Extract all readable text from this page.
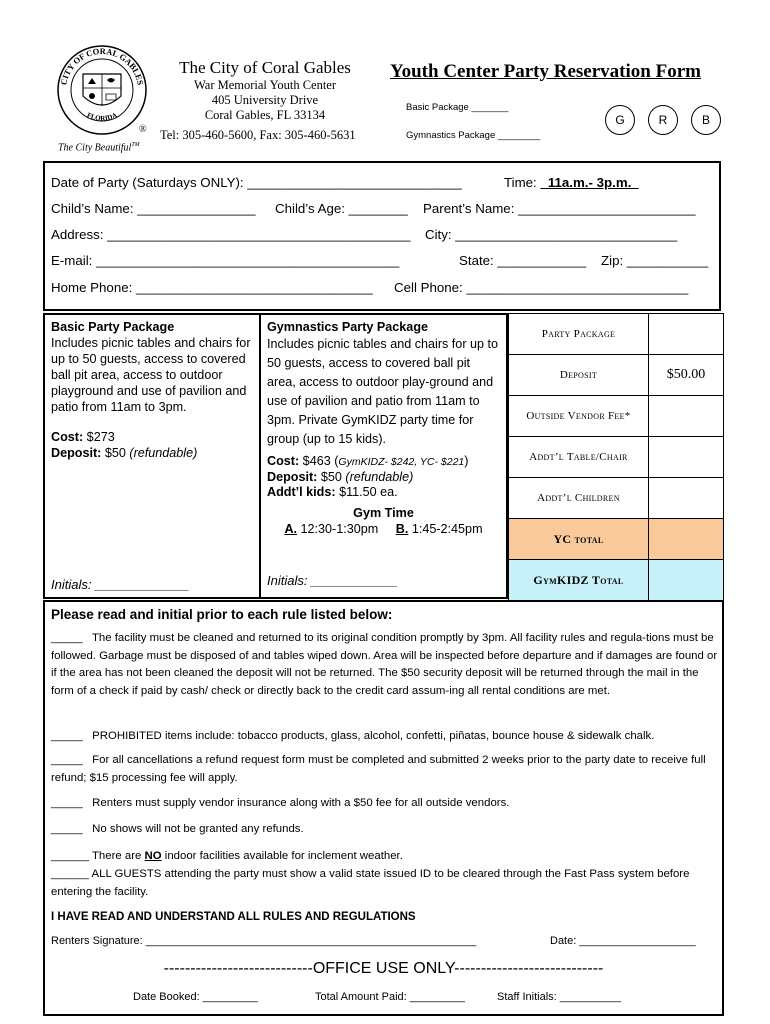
CITY OF CORAL GABLES
FLORIDA
®
The City Beautiful™
The City of Coral Gables
War Memorial Youth Center
405 University Drive
Coral Gables, FL 33134
Tel: 305-460-5600, Fax: 305-460-5631
Youth Center Party Reservation Form
Basic Package _______
Gymnastics Package ________
G	R	B
Date of Party (Saturdays ONLY): _____________________________	Time:   11a.m.- 3p.m.
Child’s Name: ________________ Child’s Age: ________ Parent’s Name: ________________________
Address: _________________________________________ City: ______________________________
E-mail: _________________________________________	State: ____________ Zip: ___________
Home Phone: ________________________________ Cell Phone: ______________________________
Basic Party Package
Includes picnic tables and chairs for up to 50 guests, access to covered ball pit area, access to outdoor playground and use of pavilion and patio from 11am to 3pm.
Cost: $273
Deposit: $50 (refundable)
Initials: _____________
Gymnastics Party Package
Includes picnic tables and chairs for up to 50 guests, access to covered ball pit area, access to outdoor play-ground and use of pavilion and patio from 11am to 3pm. Private GymKIDZ party time for group (up to 15 kids).
Cost: $463 (GymKIDZ- $242, YC- $221)
Deposit: $50 (refundable)
Addt’l kids: $11.50 ea.
Gym Time
A. 12:30-1:30pm B. 1:45-2:45pm
Initials: ____________
Party Package	
Deposit	$50.00
Outside Vendor Fee*	
Addt’l Table/Chair	
Addt’l Children	
YC total	
GymKIDZ Total	
Please read and initial prior to each rule listed below:
_____   The facility must be cleaned and returned to its original condition promptly by 3pm. All facility rules and regula-tions must be followed. Garbage must be disposed of and tables wiped down. Area will be inspected before departure and if damages are found or if the area has not been cleaned the deposit will not be returned. The $50 security deposit will be returned through the mail in the form of a check if paid by cash/ check or directly back to the credit card assum-ing all rental conditions are met.
_____   PROHIBITED items include: tobacco products, glass, alcohol, confetti, piñatas, bounce house & sidewalk chalk.
_____   For all cancellations a refund request form must be completed and submitted 2 weeks prior to the party date to receive full refund; $15 processing fee will apply.
_____   Renters must supply vendor insurance along with a $50 fee for all outside vendors.
_____   No shows will not be granted any refunds.
______ There are NO indoor facilities available for inclement weather.
______ ALL GUESTS attending the party must show a valid state issued ID to be cleared through the Fast Pass system before entering the facility.
I HAVE READ AND UNDERSTAND ALL RULES AND REGULATIONS
Renters Signature: ______________________________________________________	Date: ___________________
----------------------------OFFICE USE ONLY----------------------------
Date Booked: _________	Total Amount Paid: _________	Staff Initials: __________
